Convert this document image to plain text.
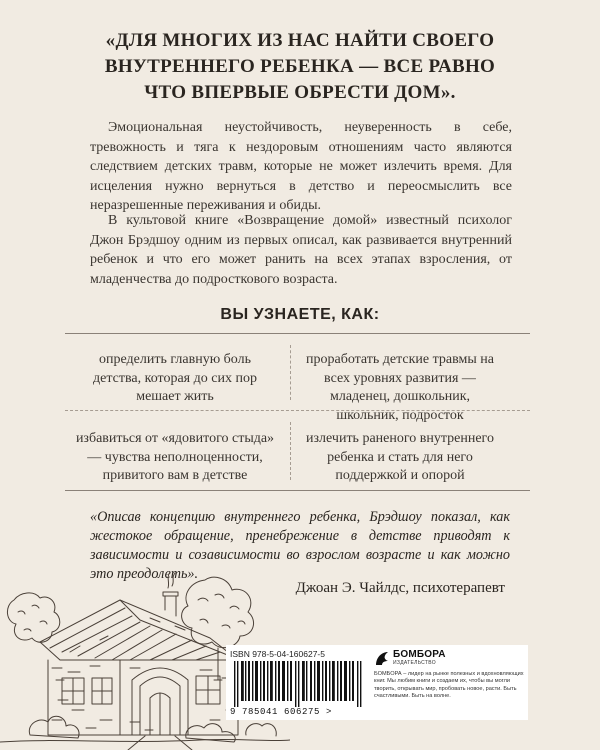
«ДЛЯ МНОГИХ ИЗ НАС НАЙТИ СВОЕГО
ВНУТРЕННЕГО РЕБЕНКА — ВСЕ РАВНО
ЧТО ВПЕРВЫЕ ОБРЕСТИ ДОМ».
Эмоциональная неустойчивость, неуверенность в себе, тревожность и тяга к нездоровым отношениям часто являются следствием детских травм, которые не может излечить время. Для исцеления нужно вернуться в детство и переосмыслить все неразрешенные переживания и обиды.
В культовой книге «Возвращение домой» известный психолог Джон Брэдшоу одним из первых описал, как развивается внутренний ребенок и что его может ранить на всех этапах взросления, от младенчества до подросткового возраста.
ВЫ УЗНАЕТЕ, КАК:
определить главную боль детства, которая до сих пор мешает жить
проработать детские травмы на всех уровнях развития — младенец, дошкольник, школьник, подросток
избавиться от «ядовитого стыда» — чувства неполноценности, привитого вам в детстве
излечить раненого внутреннего ребенка и стать для него поддержкой и опорой
«Описав концепцию внутреннего ребенка, Брэдшоу показал, как жестокое обращение, пренебрежение в детстве приводят к зависимости и созависимости во взрослом возрасте и как можно это преодолеть».
Джоан Э. Чайлдс, психотерапевт
ISBN 978-5-04-160627-5
9 785041 606275 >
БОМБОРА
ИЗДАТЕЛЬСТВО
БОМБОРА – лидер на рынке полезных и вдохновляющих книг. Мы любим книги и создаем их, чтобы вы могли творить, открывать мир, пробовать новое, расти. Быть счастливыми. Быть на волне.
